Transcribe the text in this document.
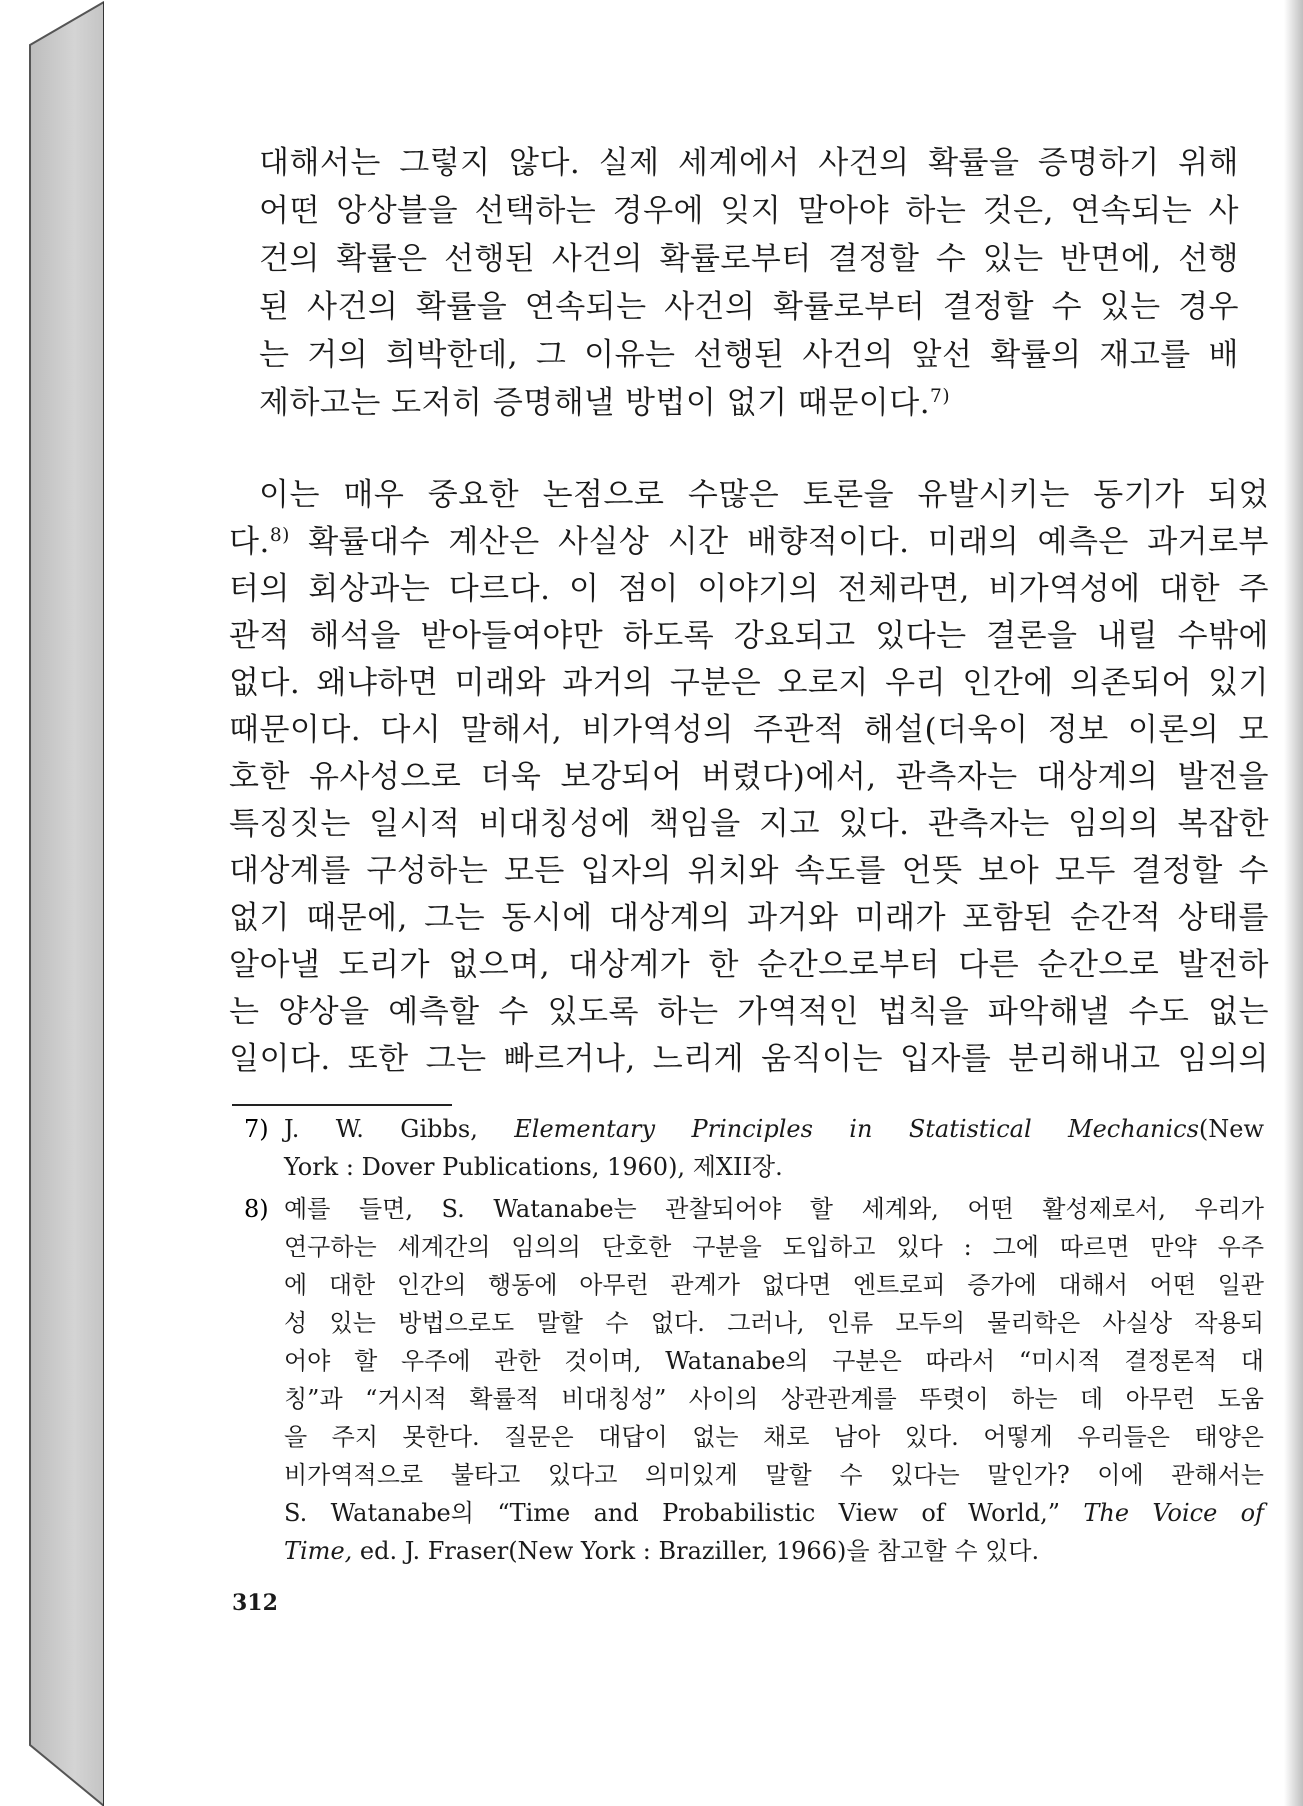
대해서는 그렇지 않다. 실제 세계에서 사건의 확률을 증명하기 위해
어떤 앙상블을 선택하는 경우에 잊지 말아야 하는 것은, 연속되는 사
건의 확률은 선행된 사건의 확률로부터 결정할 수 있는 반면에, 선행
된 사건의 확률을 연속되는 사건의 확률로부터 결정할 수 있는 경우
는 거의 희박한데, 그 이유는 선행된 사건의 앞선 확률의 재고를 배
제하고는 도저히 증명해낼 방법이 없기 때문이다.$^{7)}$
이는 매우 중요한 논점으로 수많은 토론을 유발시키는 동기가 되었
다.$^{8)}$ 확률대수 계산은 사실상 시간 배향적이다. 미래의 예측은 과거로부
터의 회상과는 다르다. 이 점이 이야기의 전체라면, 비가역성에 대한 주
관적 해석을 받아들여야만 하도록 강요되고 있다는 결론을 내릴 수밖에
없다. 왜냐하면 미래와 과거의 구분은 오로지 우리 인간에 의존되어 있기
때문이다. 다시 말해서, 비가역성의 주관적 해설(더욱이 정보 이론의 모
호한 유사성으로 더욱 보강되어 버렸다)에서, 관측자는 대상계의 발전을
특징짓는 일시적 비대칭성에 책임을 지고 있다. 관측자는 임의의 복잡한
대상계를 구성하는 모든 입자의 위치와 속도를 언뜻 보아 모두 결정할 수
없기 때문에, 그는 동시에 대상계의 과거와 미래가 포함된 순간적 상태를
알아낼 도리가 없으며, 대상계가 한 순간으로부터 다른 순간으로 발전하
는 양상을 예측할 수 있도록 하는 가역적인 법칙을 파악해낼 수도 없는
일이다. 또한 그는 빠르거나, 느리게 움직이는 입자를 분리해내고 임의의
7) J. W. Gibbs, Elementary Principles in Statistical Mechanics(New
York : Dover Publications, 1960), 제XII장.
8) 예를 들면, S. Watanabe는 관찰되어야 할 세계와, 어떤 활성제로서, 우리가
연구하는 세계간의 임의의 단호한 구분을 도입하고 있다 : 그에 따르면 만약 우주
에 대한 인간의 행동에 아무런 관계가 없다면 엔트로피 증가에 대해서 어떤 일관
성 있는 방법으로도 말할 수 없다. 그러나, 인류 모두의 물리학은 사실상 작용되
어야 할 우주에 관한 것이며, Watanabe의 구분은 따라서 “미시적 결정론적 대
칭”과 “거시적 확률적 비대칭성” 사이의 상관관계를 뚜렷이 하는 데 아무런 도움
을 주지 못한다. 질문은 대답이 없는 채로 남아 있다. 어떻게 우리들은 태양은
비가역적으로 불타고 있다고 의미있게 말할 수 있다는 말인가? 이에 관해서는
S. Watanabe의 “Time and Probabilistic View of World,” The Voice of
Time, ed. J. Fraser(New York : Braziller, 1966)을 참고할 수 있다.
312
